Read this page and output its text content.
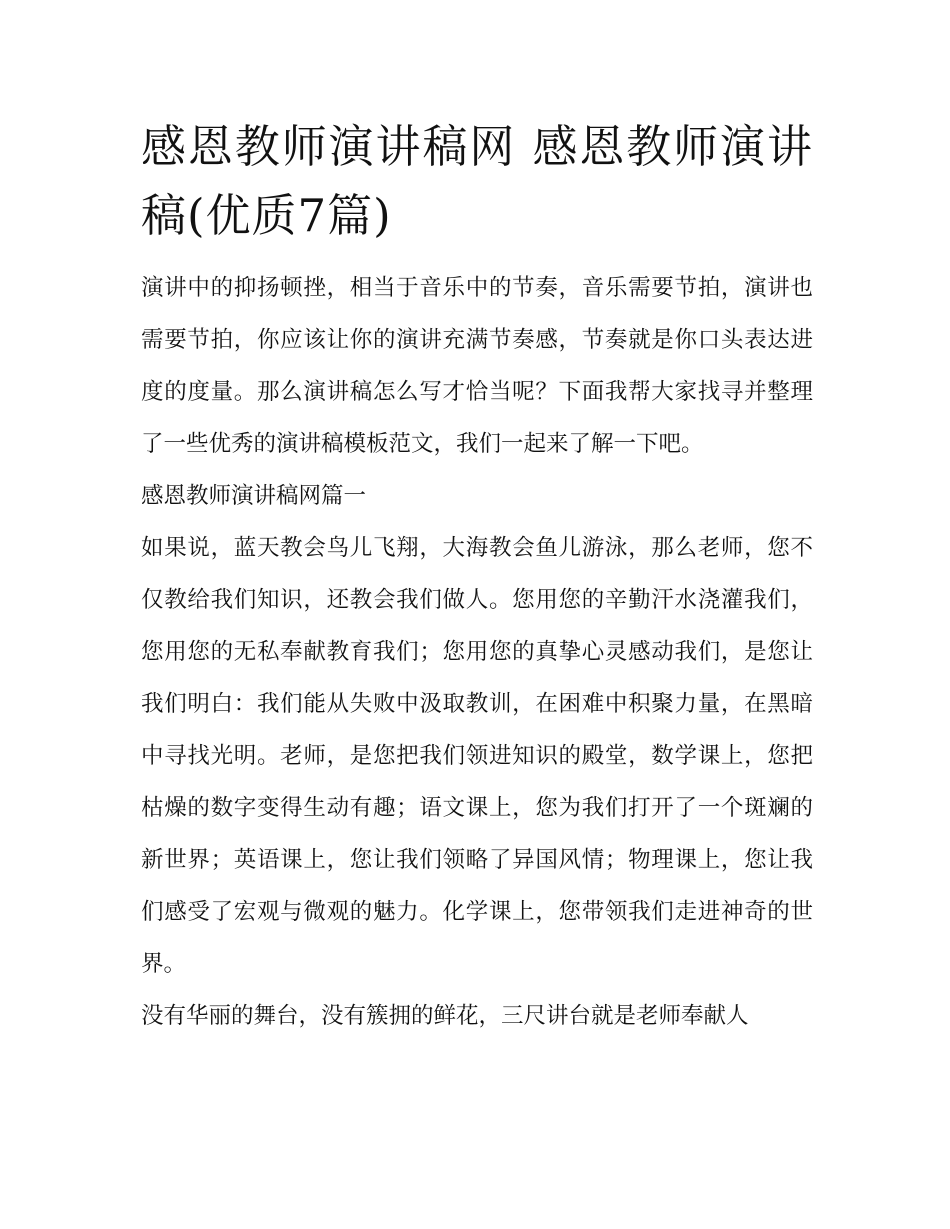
感恩教师演讲稿网 感恩教师演讲稿(优质7篇)

演讲中的抑扬顿挫，相当于音乐中的节奏，音乐需要节拍，演讲也需要节拍，你应该让你的演讲充满节奏感，节奏就是你口头表达进度的度量。那么演讲稿怎么写才恰当呢？下面我帮大家找寻并整理了一些优秀的演讲稿模板范文，我们一起来了解一下吧。

感恩教师演讲稿网篇一

如果说，蓝天教会鸟儿飞翔，大海教会鱼儿游泳，那么老师，您不仅教给我们知识，还教会我们做人。您用您的辛勤汗水浇灌我们，您用您的无私奉献教育我们；您用您的真挚心灵感动我们，是您让我们明白：我们能从失败中汲取教训，在困难中积聚力量，在黑暗中寻找光明。老师，是您把我们领进知识的殿堂，数学课上，您把枯燥的数字变得生动有趣；语文课上，您为我们打开了一个斑斓的新世界；英语课上，您让我们领略了异国风情；物理课上，您让我们感受了宏观与微观的魅力。化学课上，您带领我们走进神奇的世界。

没有华丽的舞台，没有簇拥的鲜花，三尺讲台就是老师奉献人
